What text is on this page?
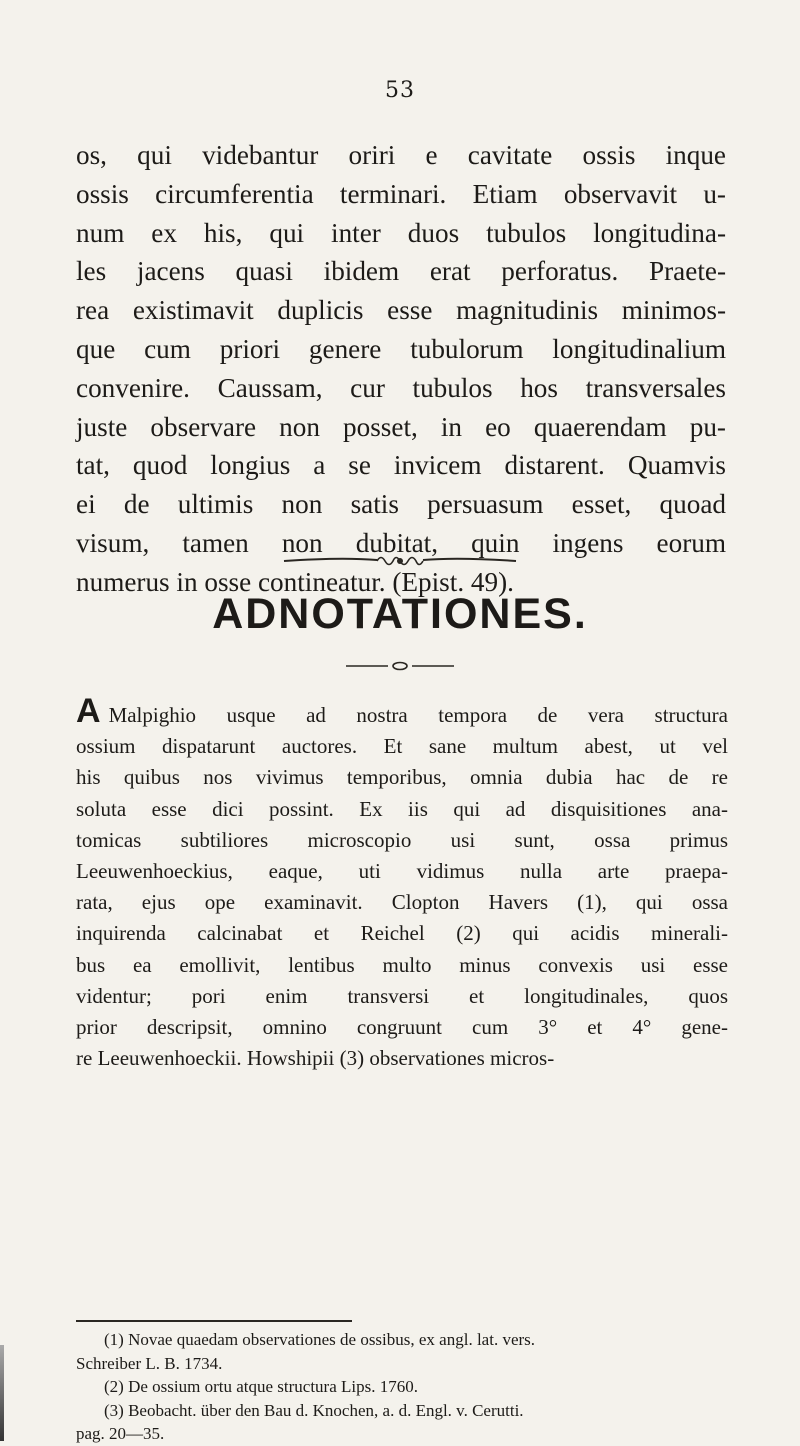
53
os, qui videbantur oriri e cavitate ossis inque
ossis circumferentia terminari. Etiam observavit u-
num ex his, qui inter duos tubulos longitudina-
les jacens quasi ibidem erat perforatus. Praete-
rea existimavit duplicis esse magnitudinis minimos-
que cum priori genere tubulorum longitudinalium
convenire. Caussam, cur tubulos hos transversales
juste observare non posset, in eo quaerendam pu-
tat, quod longius a se invicem distarent. Quamvis
ei de ultimis non satis persuasum esset, quoad
visum, tamen non dubitat, quin ingens eorum
numerus in osse contineatur. (Epist. 49).
ADNOTATIONES.
A Malpighio usque ad nostra tempora de vera structura
ossium dispatarunt auctores. Et sane multum abest, ut vel
his quibus nos vivimus temporibus, omnia dubia hac de re
soluta esse dici possint. Ex iis qui ad disquisitiones ana-
tomicas subtiliores microscopio usi sunt, ossa primus
Leeuwenhoeckius, eaque, uti vidimus nulla arte praepa-
rata, ejus ope examinavit. Clopton Havers (1), qui ossa
inquirenda calcinabat et Reichel (2) qui acidis minerali-
bus ea emollivit, lentibus multo minus convexis usi esse
videntur; pori enim transversi et longitudinales, quos
prior descripsit, omnino congruunt cum 3° et 4° gene-
re Leeuwenhoeckii. Howshipii (3) observationes micros-
(1) Novae quaedam observationes de ossibus, ex angl. lat. vers.
Schreiber L. B. 1734.
(2) De ossium ortu atque structura Lips. 1760.
(3) Beobacht. über den Bau d. Knochen, a. d. Engl. v. Cerutti.
pag. 20—35.
